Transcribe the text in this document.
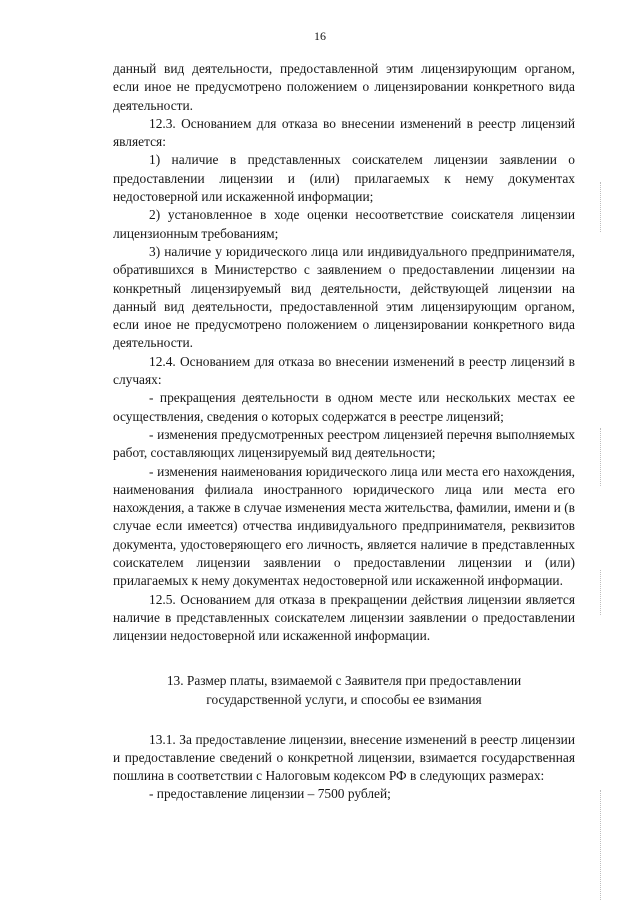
16

данный вид деятельности, предоставленной этим лицензирующим органом, если иное не предусмотрено положением о лицензировании конкретного вида деятельности.

12.3. Основанием для отказа во внесении изменений в реестр лицензий является:

1) наличие в представленных соискателем лицензии заявлении о предоставлении лицензии и (или) прилагаемых к нему документах недостоверной или искаженной информации;

2) установленное в ходе оценки несоответствие соискателя лицензии лицензионным требованиям;

3) наличие у юридического лица или индивидуального предпринимателя, обратившихся в Министерство с заявлением о предоставлении лицензии на конкретный лицензируемый вид деятельности, действующей лицензии на данный вид деятельности, предоставленной этим лицензирующим органом, если иное не предусмотрено положением о лицензировании конкретного вида деятельности.

12.4. Основанием для отказа во внесении изменений в реестр лицензий в случаях:

- прекращения деятельности в одном месте или нескольких местах ее осуществления, сведения о которых содержатся в реестре лицензий;

- изменения предусмотренных реестром лицензией перечня выполняемых работ, составляющих лицензируемый вид деятельности;

- изменения наименования юридического лица или места его нахождения, наименования филиала иностранного юридического лица или места его нахождения, а также в случае изменения места жительства, фамилии, имени и (в случае если имеется) отчества индивидуального предпринимателя, реквизитов документа, удостоверяющего его личность, является наличие в представленных соискателем лицензии заявлении о предоставлении лицензии и (или) прилагаемых к нему документах недостоверной или искаженной информации.

12.5. Основанием для отказа в прекращении действия лицензии является наличие в представленных соискателем лицензии заявлении о предоставлении лицензии недостоверной или искаженной информации.

13. Размер платы, взимаемой с Заявителя при предоставлении
государственной услуги, и способы ее взимания

13.1. За предоставление лицензии, внесение изменений в реестр лицензии и предоставление сведений о конкретной лицензии, взимается государственная пошлина в соответствии с Налоговым кодексом РФ в следующих размерах:

- предоставление лицензии – 7500 рублей;
